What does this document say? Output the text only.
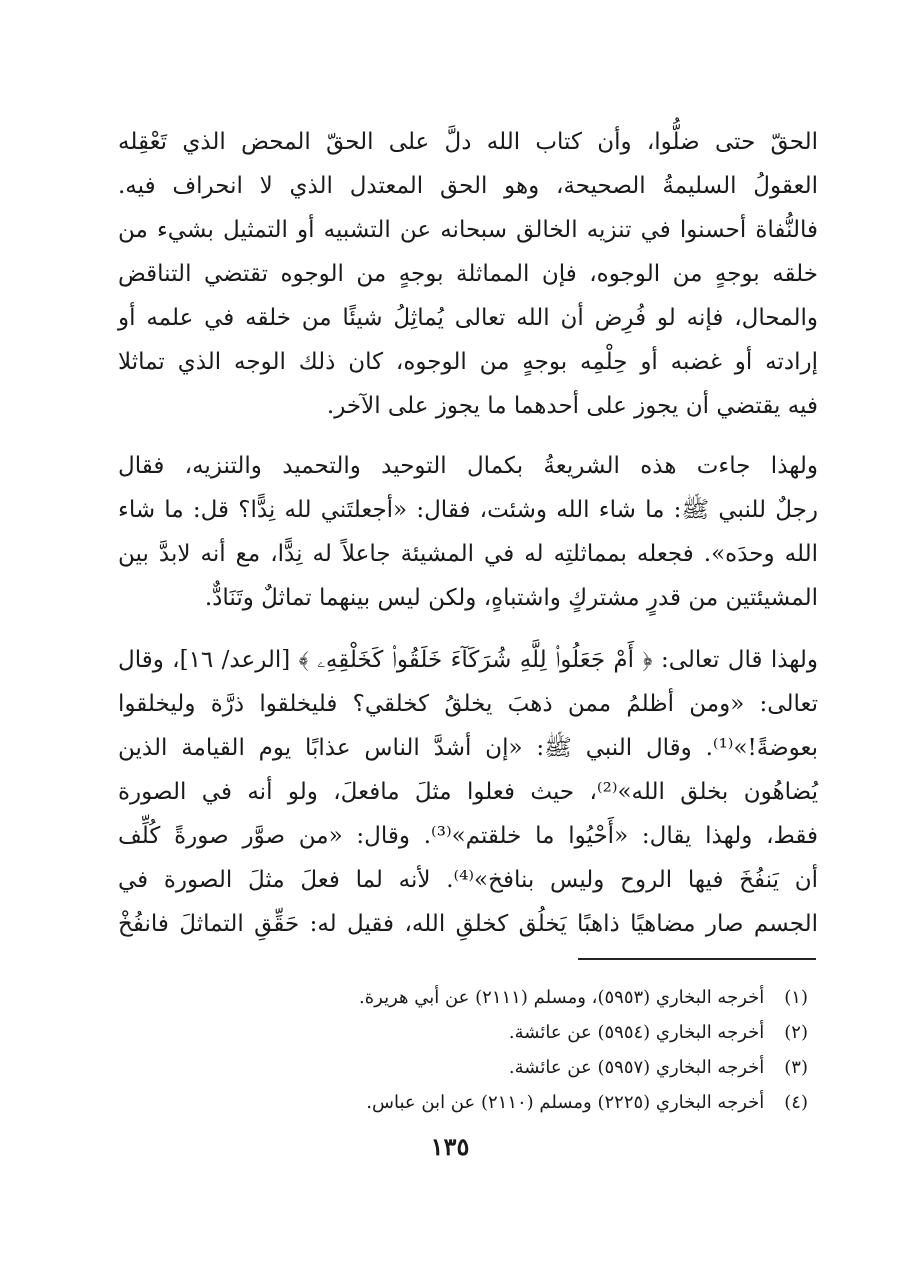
الحقّ حتى ضلُّوا، وأن كتاب الله دلَّ على الحقّ المحض الذي تَعْقِله
العقولُ السليمةُ الصحيحة، وهو الحق المعتدل الذي لا انحراف فيه.
فالنُّفاة أحسنوا في تنزيه الخالق سبحانه عن التشبيه أو التمثيل بشيء من
خلقه بوجهٍ من الوجوه، فإن المماثلة بوجهٍ من الوجوه تقتضي التناقض
والمحال، فإنه لو فُرِض أن الله تعالى يُماثِلُ شيئًا من خلقه في علمه أو
إرادته أو غضبه أو حِلْمِه بوجهٍ من الوجوه، كان ذلك الوجه الذي تماثلا
فيه يقتضي أن يجوز على أحدهما ما يجوز على الآخر.
ولهذا جاءت هذه الشريعةُ بكمال التوحيد والتحميد والتنزيه، فقال
رجلٌ للنبي ﷺ: ما شاء الله وشئت، فقال: «أجعلتَني لله نِدًّا؟ قل: ما شاء
الله وحدَه». فجعله بمماثلتِه له في المشيئة جاعلاً له نِدًّا، مع أنه لابدَّ بين
المشيئتين من قدرٍ مشتركٍ واشتباهٍ، ولكن ليس بينهما تماثلٌ وتَنَادٌّ.
ولهذا قال تعالى: ﴿ أَمْ جَعَلُوا۟ لِلَّهِ شُرَكَآءَ خَلَقُوا۟ كَخَلْقِهِۦ ﴾ [الرعد/ ١٦]، وقال
تعالى: «ومن أظلمُ ممن ذهبَ يخلقُ كخلقي؟ فليخلقوا ذرَّة وليخلقوا
بعوضةً!»⁽¹⁾. وقال النبي ﷺ: «إن أشدَّ الناس عذابًا يوم القيامة الذين
يُضاهُون بخلق الله»⁽²⁾، حيث فعلوا مثلَ مافعلَ، ولو أنه في الصورة
فقط، ولهذا يقال: «أَحْيُوا ما خلقتم»⁽³⁾. وقال: «من صوَّر صورةً كُلِّف
أن يَنفُخَ فيها الروح وليس بنافخ»⁽⁴⁾. لأنه لما فعلَ مثلَ الصورة في
الجسم صار مضاهيًا ذاهبًا يَخلُق كخلقِ الله، فقيل له: حَقِّقِ التماثلَ فانفُخْ
(١) أخرجه البخاري (٥٩٥٣)، ومسلم (٢١١١) عن أبي هريرة.
(٢) أخرجه البخاري (٥٩٥٤) عن عائشة.
(٣) أخرجه البخاري (٥٩٥٧) عن عائشة.
(٤) أخرجه البخاري (٢٢٢٥) ومسلم (٢١١٠) عن ابن عباس.
١٣٥
